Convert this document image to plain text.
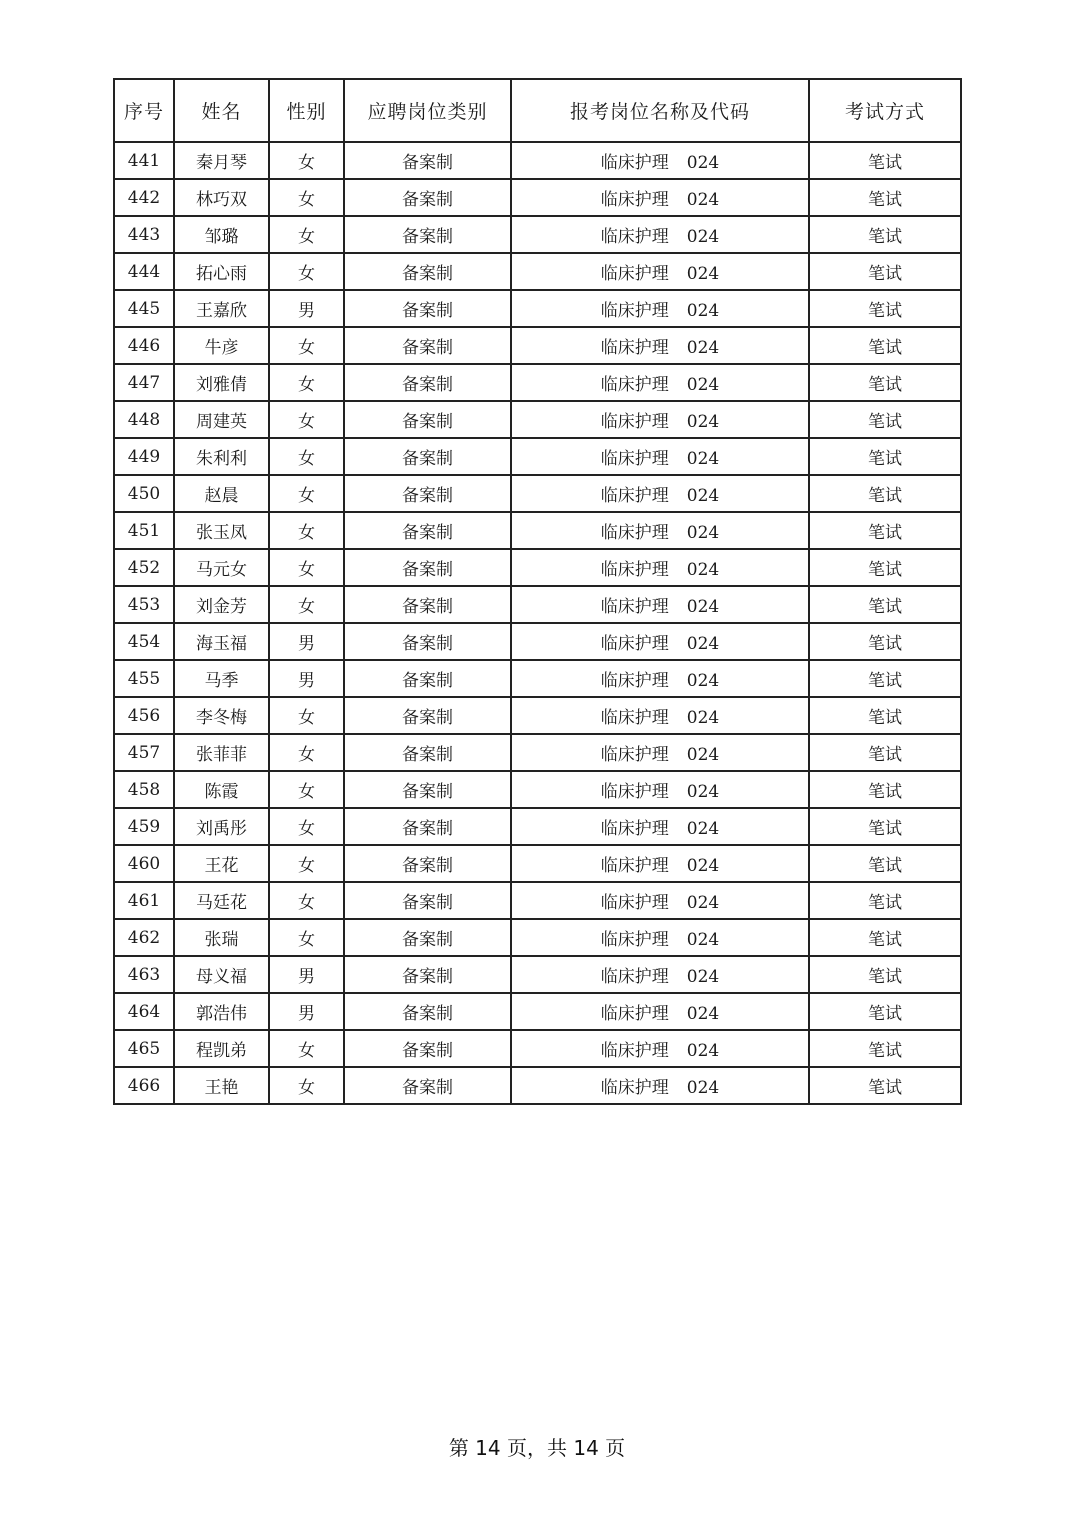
序号	姓名	性别	应聘岗位类别	报考岗位名称及代码	考试方式
441	秦月琴	女	备案制	临床护理 024	笔试
442	林巧双	女	备案制	临床护理 024	笔试
443	邹璐	女	备案制	临床护理 024	笔试
444	拓心雨	女	备案制	临床护理 024	笔试
445	王嘉欣	男	备案制	临床护理 024	笔试
446	牛彦	女	备案制	临床护理 024	笔试
447	刘雅倩	女	备案制	临床护理 024	笔试
448	周建英	女	备案制	临床护理 024	笔试
449	朱利利	女	备案制	临床护理 024	笔试
450	赵晨	女	备案制	临床护理 024	笔试
451	张玉凤	女	备案制	临床护理 024	笔试
452	马元女	女	备案制	临床护理 024	笔试
453	刘金芳	女	备案制	临床护理 024	笔试
454	海玉福	男	备案制	临床护理 024	笔试
455	马季	男	备案制	临床护理 024	笔试
456	李冬梅	女	备案制	临床护理 024	笔试
457	张菲菲	女	备案制	临床护理 024	笔试
458	陈霞	女	备案制	临床护理 024	笔试
459	刘禹彤	女	备案制	临床护理 024	笔试
460	王花	女	备案制	临床护理 024	笔试
461	马廷花	女	备案制	临床护理 024	笔试
462	张瑞	女	备案制	临床护理 024	笔试
463	母义福	男	备案制	临床护理 024	笔试
464	郭浩伟	男	备案制	临床护理 024	笔试
465	程凯弟	女	备案制	临床护理 024	笔试
466	王艳	女	备案制	临床护理 024	笔试
第 14 页，共 14 页
